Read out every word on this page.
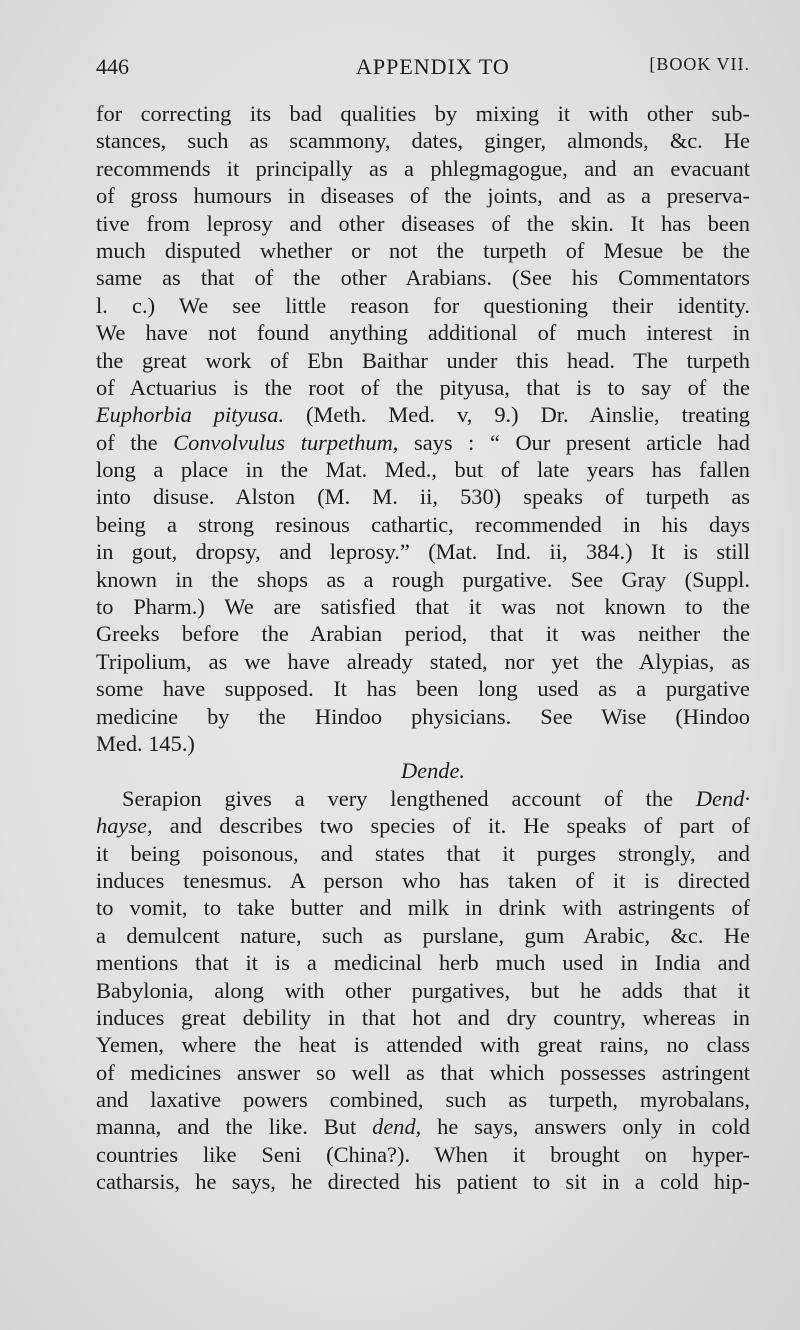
446	APPENDIX TO	[BOOK VII.
for correcting its bad qualities by mixing it with other sub-
stances, such as scammony, dates, ginger, almonds, &c. He
recommends it principally as a phlegmagogue, and an evacuant
of gross humours in diseases of the joints, and as a preserva-
tive from leprosy and other diseases of the skin. It has been
much disputed whether or not the turpeth of Mesue be the
same as that of the other Arabians. (See his Commentators
l. c.) We see little reason for questioning their identity.
We have not found anything additional of much interest in
the great work of Ebn Baithar under this head. The turpeth
of Actuarius is the root of the pityusa, that is to say of the
Euphorbia pityusa. (Meth. Med. v, 9.) Dr. Ainslie, treating
of the Convolvulus turpethum, says : “ Our present article had
long a place in the Mat. Med., but of late years has fallen
into disuse. Alston (M. M. ii, 530) speaks of turpeth as
being a strong resinous cathartic, recommended in his days
in gout, dropsy, and leprosy.” (Mat. Ind. ii, 384.) It is still
known in the shops as a rough purgative. See Gray (Suppl.
to Pharm.) We are satisfied that it was not known to the
Greeks before the Arabian period, that it was neither the
Tripolium, as we have already stated, nor yet the Alypias, as
some have supposed. It has been long used as a purgative
medicine by the Hindoo physicians. See Wise (Hindoo
Med. 145.)
Dende.
Serapion gives a very lengthened account of the Dend·
hayse, and describes two species of it. He speaks of part of
it being poisonous, and states that it purges strongly, and
induces tenesmus. A person who has taken of it is directed
to vomit, to take butter and milk in drink with astringents of
a demulcent nature, such as purslane, gum Arabic, &c. He
mentions that it is a medicinal herb much used in India and
Babylonia, along with other purgatives, but he adds that it
induces great debility in that hot and dry country, whereas in
Yemen, where the heat is attended with great rains, no class
of medicines answer so well as that which possesses astringent
and laxative powers combined, such as turpeth, myrobalans,
manna, and the like. But dend, he says, answers only in cold
countries like Seni (China?). When it brought on hyper-
catharsis, he says, he directed his patient to sit in a cold hip-
